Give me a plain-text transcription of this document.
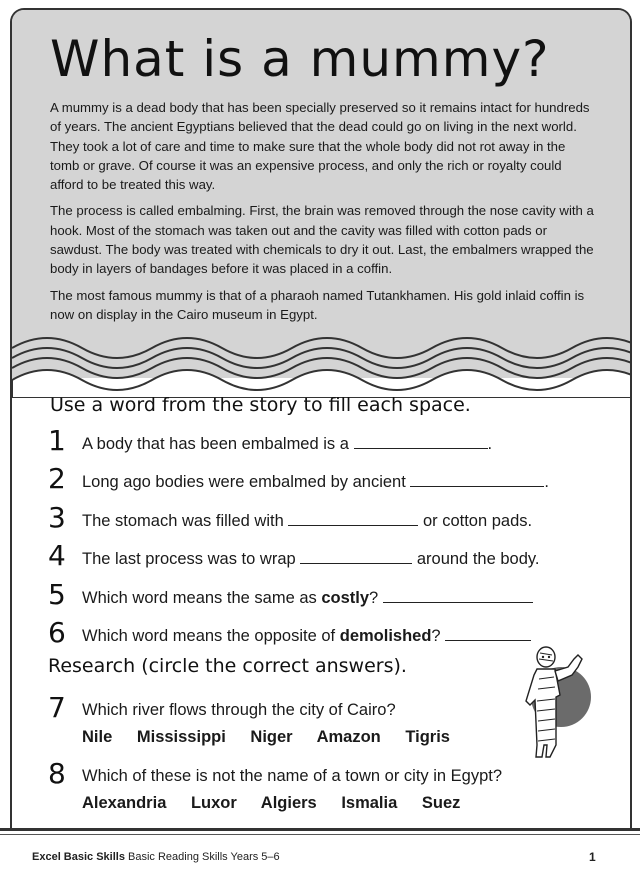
What is a mummy?

A mummy is a dead body that has been specially preserved so it remains intact for hundreds of years. The ancient Egyptians believed that the dead could go on living in the next world. They took a lot of care and time to make sure that the whole body did not rot away in the tomb or grave. Of course it was an expensive process, and only the rich or royalty could afford to be treated this way.

The process is called embalming. First, the brain was removed through the nose cavity with a hook. Most of the stomach was taken out and the cavity was filled with cotton pads or sawdust. The body was treated with chemicals to dry it out. Last, the embalmers wrapped the body in layers of bandages before it was placed in a coffin.

The most famous mummy is that of a pharaoh named Tutankhamen. His gold inlaid coffin is now on display in the Cairo museum in Egypt.

Use a word from the story to fill each space.
1 A body that has been embalmed is a	.
2 Long ago bodies were embalmed by ancient	.
3 The stomach was filled with	or cotton pads.
4 The last process was to wrap	around the body.
5 Which word means the same as costly?
6 Which word means the opposite of demolished?
Research (circle the correct answers).
7 Which river flows through the city of Cairo?
Nile Mississippi Niger Amazon Tigris
8 Which of these is not the name of a town or city in Egypt?
Alexandria Luxor Algiers Ismalia Suez
Excel Basic Skills Basic Reading Skills Years 5–6	1
